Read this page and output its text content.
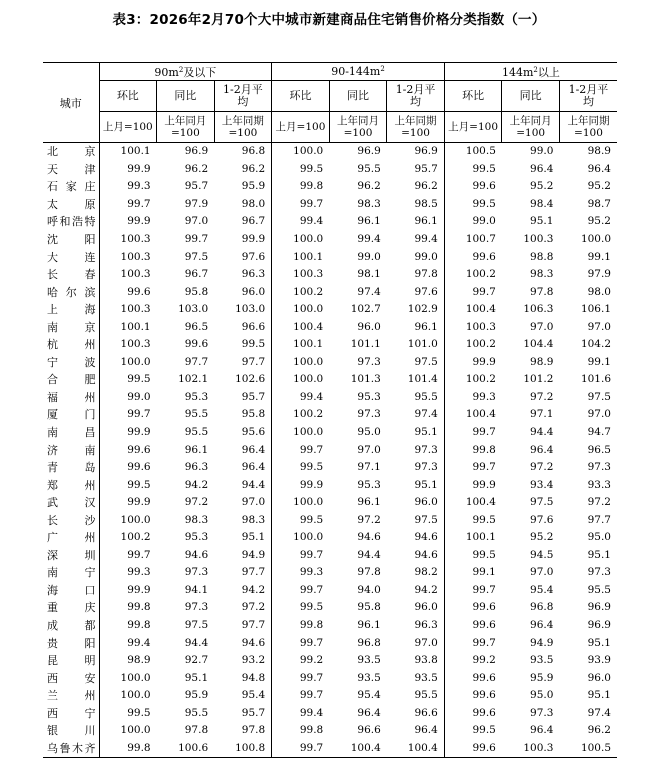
表3：2026年2月70个大中城市新建商品住宅销售价格分类指数（一）
城市	$90m^2$及以下			$90-144m^2$			$144m^2$以上		
	环比	同比	1-2月平均	环比	同比	1-2月平均	环比	同比	1-2月平均
	上月=100	上年同月=100	上年同期=100	上月=100	上年同月=100	上年同期=100	上月=100	上年同月=100	上年同期=100
北京	100.1	96.9	96.8	100.0	96.9	96.9	100.5	99.0	98.9
天津	99.9	96.2	96.2	99.5	95.5	95.7	99.5	96.4	96.4
石家庄	99.3	95.7	95.9	99.8	96.2	96.2	99.6	95.2	95.2
太原	99.7	97.9	98.0	99.7	98.3	98.5	99.5	98.4	98.7
呼和浩特	99.9	97.0	96.7	99.4	96.1	96.1	99.0	95.1	95.2
沈阳	100.3	99.7	99.9	100.0	99.4	99.4	100.7	100.3	100.0
大连	100.3	97.5	97.6	100.1	99.0	99.0	99.6	98.8	99.1
长春	100.3	96.7	96.3	100.3	98.1	97.8	100.2	98.3	97.9
哈尔滨	99.6	95.8	96.0	100.2	97.4	97.6	99.7	97.8	98.0
上海	100.3	103.0	103.0	100.0	102.7	102.9	100.4	106.3	106.1
南京	100.1	96.5	96.6	100.4	96.0	96.1	100.3	97.0	97.0
杭州	100.3	99.6	99.5	100.1	101.1	101.0	100.2	104.4	104.2
宁波	100.0	97.7	97.7	100.0	97.3	97.5	99.9	98.9	99.1
合肥	99.5	102.1	102.6	100.0	101.3	101.4	100.2	101.2	101.6
福州	99.0	95.3	95.7	99.4	95.3	95.5	99.3	97.2	97.5
厦门	99.7	95.5	95.8	100.2	97.3	97.4	100.4	97.1	97.0
南昌	99.9	95.5	95.6	100.0	95.0	95.1	99.7	94.4	94.7
济南	99.6	96.1	96.4	99.7	97.0	97.3	99.8	96.4	96.5
青岛	99.6	96.3	96.4	99.5	97.1	97.3	99.7	97.2	97.3
郑州	99.5	94.2	94.4	99.9	95.3	95.1	99.9	93.4	93.3
武汉	99.9	97.2	97.0	100.0	96.1	96.0	100.4	97.5	97.2
长沙	100.0	98.3	98.3	99.5	97.2	97.5	99.5	97.6	97.7
广州	100.2	95.3	95.1	100.0	94.6	94.6	100.1	95.2	95.0
深圳	99.7	94.6	94.9	99.7	94.4	94.6	99.5	94.5	95.1
南宁	99.3	97.3	97.7	99.3	97.8	98.2	99.1	97.0	97.3
海口	99.9	94.1	94.2	99.7	94.0	94.2	99.7	95.4	95.5
重庆	99.8	97.3	97.2	99.5	95.8	96.0	99.6	96.8	96.9
成都	99.8	97.5	97.7	99.8	96.1	96.3	99.6	96.4	96.9
贵阳	99.4	94.4	94.6	99.7	96.8	97.0	99.7	94.9	95.1
昆明	98.9	92.7	93.2	99.2	93.5	93.8	99.2	93.5	93.9
西安	100.0	95.1	94.8	99.7	93.5	93.5	99.6	95.9	96.0
兰州	100.0	95.9	95.4	99.7	95.4	95.5	99.6	95.0	95.1
西宁	99.5	95.5	95.7	99.4	96.4	96.6	99.6	97.3	97.4
银川	100.0	97.8	97.8	99.8	96.6	96.4	99.5	96.4	96.2
乌鲁木齐	99.8	100.6	100.8	99.7	100.4	100.4	99.6	100.3	100.5
